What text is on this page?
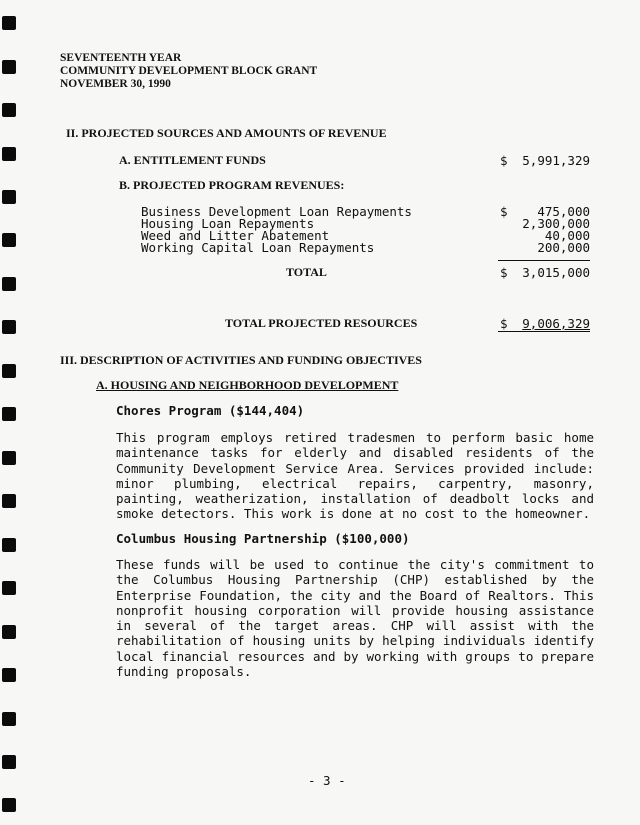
SEVENTEENTH YEAR
COMMUNITY DEVELOPMENT BLOCK GRANT
NOVEMBER 30, 1990
II. PROJECTED SOURCES AND AMOUNTS OF REVENUE
A. ENTITLEMENT FUNDS	$ 5,991,329
B. PROJECTED PROGRAM REVENUES:
Business Development Loan Repayments	$ 475,000
Housing Loan Repayments	2,300,000
Weed and Litter Abatement	40,000
Working Capital Loan Repayments	200,000
TOTAL	$ 3,015,000
TOTAL PROJECTED RESOURCES	$ 9,006,329
III. DESCRIPTION OF ACTIVITIES AND FUNDING OBJECTIVES
A. HOUSING AND NEIGHBORHOOD DEVELOPMENT
Chores Program ($144,404)
This program employs retired tradesmen to perform basic home maintenance tasks for elderly and disabled residents of the Community Development Service Area. Services provided include: minor plumbing, electrical repairs, carpentry, masonry, painting, weatherization, installation of deadbolt locks and smoke detectors. This work is done at no cost to the homeowner.
Columbus Housing Partnership ($100,000)
These funds will be used to continue the city's commitment to the Columbus Housing Partnership (CHP) established by the Enterprise Foundation, the city and the Board of Realtors. This nonprofit housing corporation will provide housing assistance in several of the target areas. CHP will assist with the rehabilitation of housing units by helping individuals identify local financial resources and by working with groups to prepare funding proposals.
- 3 -
